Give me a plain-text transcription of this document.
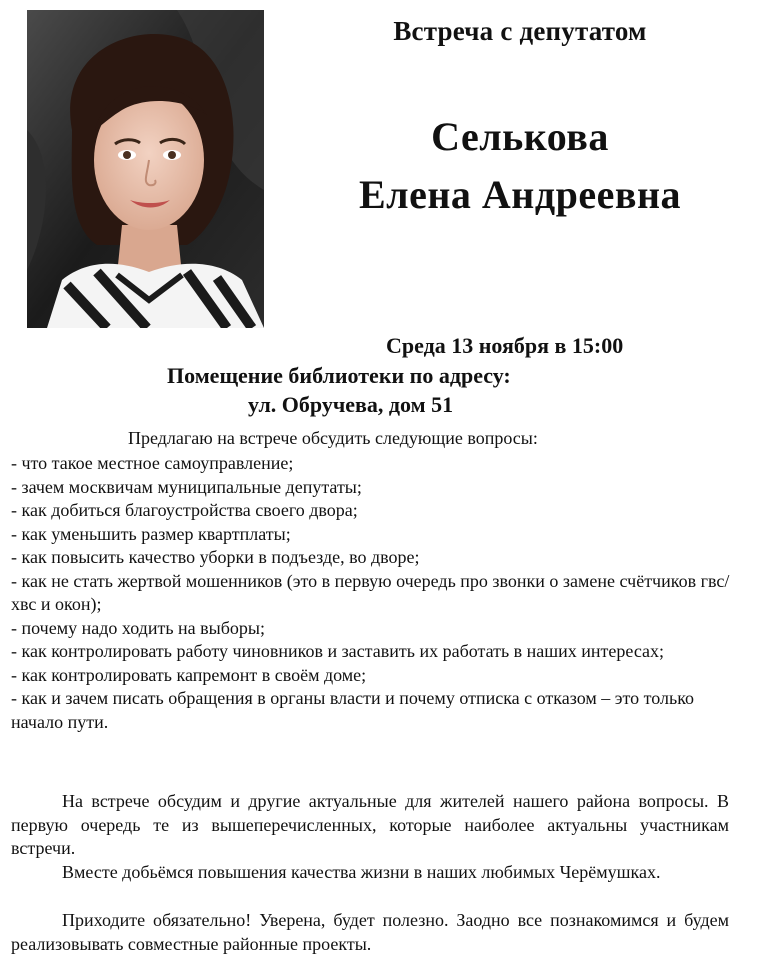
Встреча с депутатом
Селькова
Елена Андреевна
Среда 13 ноября в 15:00
Помещение библиотеки по адресу:
ул. Обручева, дом 51
Предлагаю на встрече обсудить следующие вопросы:
- что такое местное самоуправление;
- зачем москвичам муниципальные депутаты;
- как добиться благоустройства своего двора;
- как уменьшить размер квартплаты;
- как повысить качество уборки в подъезде, во дворе;
- как не стать жертвой мошенников (это в первую очередь про звонки о замене счётчиков гвс/хвс и окон);
- почему надо ходить на выборы;
- как контролировать работу чиновников и заставить их работать в наших интересах;
- как контролировать капремонт в своём доме;
- как и зачем писать обращения в органы власти и почему отписка с отказом – это только начало пути.

На встрече обсудим и другие актуальные для жителей нашего района вопросы. В первую очередь те из вышеперечисленных, которые наиболее актуальны участникам встречи.

Вместе добьёмся повышения качества жизни в наших любимых Черёмушках.

Приходите обязательно! Уверена, будет полезно. Заодно все познакомимся и будем реализовывать совместные районные проекты.
